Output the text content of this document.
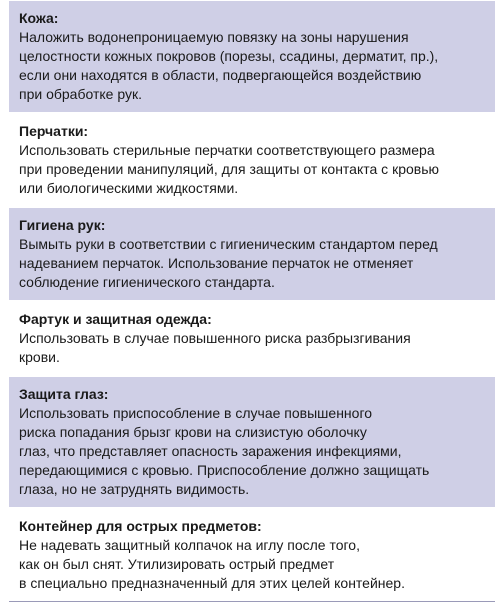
Кожа:

Наложить водонепроницаемую повязку на зоны нарушения
целостности кожных покровов (порезы, ссадины, дерматит, пр.),
если они находятся в области, подвергающейся воздействию
при обработке рук.

Перчатки:

Использовать стерильные перчатки соответствующего размера
при проведении манипуляций, для защиты от контакта с кровью
или биологическими жидкостями.

Гигиена рук:

Вымыть руки в соответствии с гигиеническим стандартом перед
надеванием перчаток. Использование перчаток не отменяет
соблюдение гигиенического стандарта.

Фартук и защитная одежда:

Использовать в случае повышенного риска разбрызгивания
крови.

Защита глаз:

Использовать приспособление в случае повышенного
риска попадания брызг крови на слизистую оболочку
глаз, что представляет опасность заражения инфекциями,
передающимися с кровью. Приспособление должно защищать
глаза, но не затруднять видимость.

Контейнер для острых предметов:

Не надевать защитный колпачок на иглу после того,
как он был снят. Утилизировать острый предмет
в специально предназначенный для этих целей контейнер.
